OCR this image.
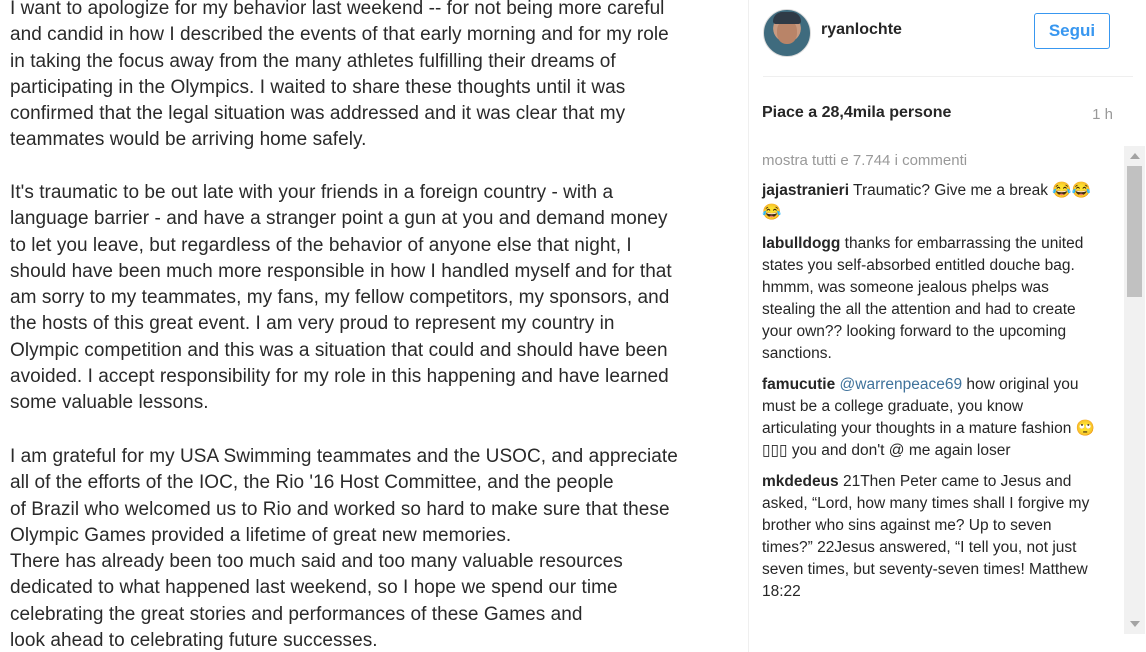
I want to apologize for my behavior last weekend -- for not being more careful
and candid in how I described the events of that early morning and for my role
in taking the focus away from the many athletes fulfilling their dreams of
participating in the Olympics. I waited to share these thoughts until it was
confirmed that the legal situation was addressed and it was clear that my
teammates would be arriving home safely.

It's traumatic to be out late with your friends in a foreign country - with a
language barrier - and have a stranger point a gun at you and demand money
to let you leave, but regardless of the behavior of anyone else that night, I
should have been much more responsible in how I handled myself and for that
am sorry to my teammates, my fans, my fellow competitors, my sponsors, and
the hosts of this great event. I am very proud to represent my country in
Olympic competition and this was a situation that could and should have been
avoided. I accept responsibility for my role in this happening and have learned
some valuable lessons.

I am grateful for my USA Swimming teammates and the USOC, and appreciate
all of the efforts of the IOC, the Rio '16 Host Committee, and the people
of Brazil who welcomed us to Rio and worked so hard to make sure that these
Olympic Games provided a lifetime of great new memories.
There has already been too much said and too many valuable resources
dedicated to what happened last weekend, so I hope we spend our time
celebrating the great stories and performances of these Games and
look ahead to celebrating future successes.

ryanlochte	Segui
Piace a 28,4mila persone	1 h
mostra tutti e 7.744 i commenti

jajastranieri Traumatic? Give me a break 😂😂😂

labulldogg thanks for embarrassing the united states you self-absorbed entitled douche bag. hmmm, was someone jealous phelps was stealing the all the attention and had to create your own?? looking forward to the upcoming sanctions.

famucutie @warrenpeace69 how original you must be a college graduate, you know articulating your thoughts in a mature fashion 🙄▯▯▯ you and don't @ me again loser

mkdedeus 21Then Peter came to Jesus and asked, “Lord, how many times shall I forgive my brother who sins against me? Up to seven times?” 22Jesus answered, “I tell you, not just seven times, but seventy-seven times! Matthew 18:22
